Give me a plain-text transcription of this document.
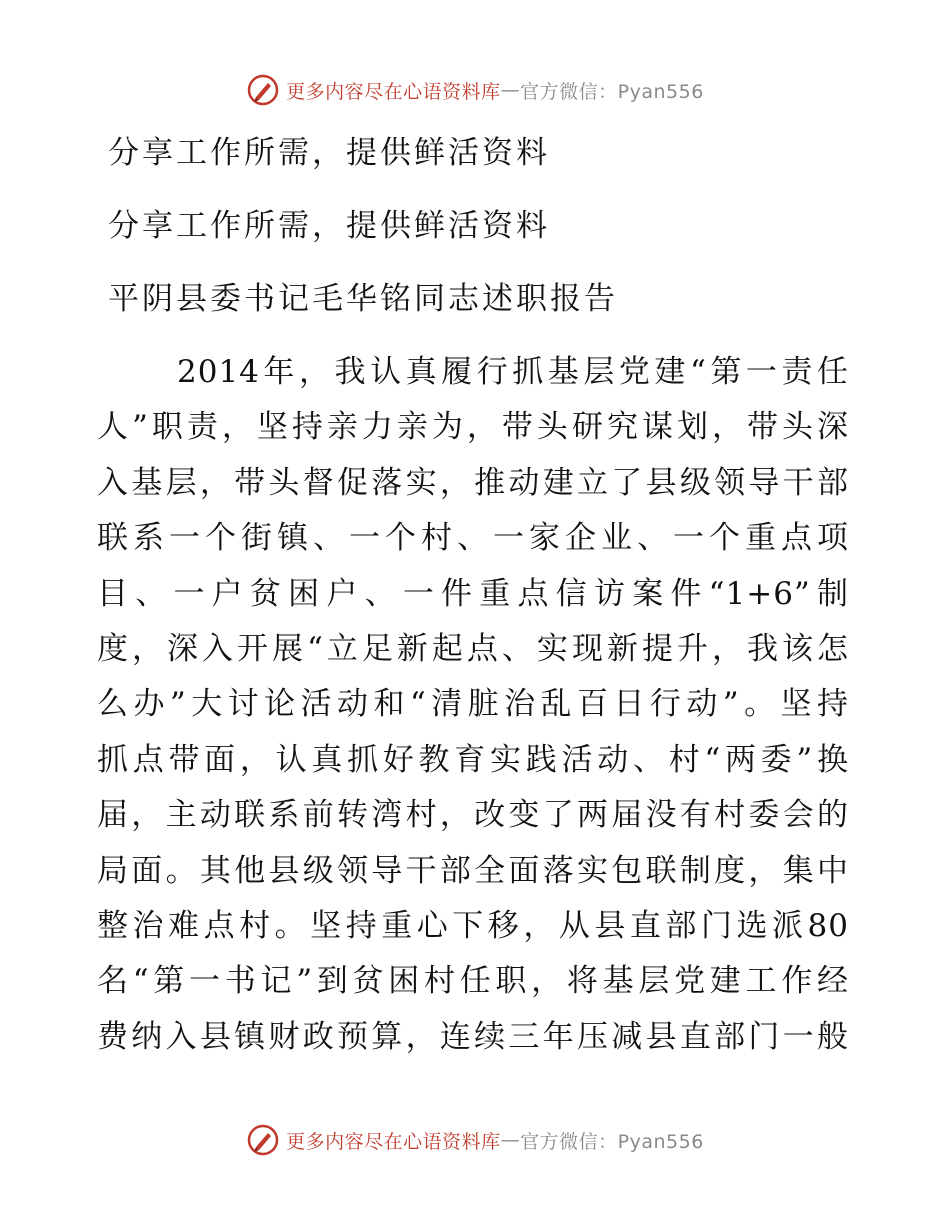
更多内容尽在心语资料库 — 官方微信：Pyan556
分享工作所需，提供鲜活资料
分享工作所需，提供鲜活资料
平阴县委书记毛华铭同志述职报告
2014年，我认真履行抓基层党建“第一责任
人”职责，坚持亲力亲为，带头研究谋划，带头深
入基层，带头督促落实，推动建立了县级领导干部
联系一个街镇、一个村、一家企业、一个重点项
目、一户贫困户、一件重点信访案件“1+6”制
度，深入开展“立足新起点、实现新提升，我该怎
么办”大讨论活动和“清脏治乱百日行动”。坚持
抓点带面，认真抓好教育实践活动、村“两委”换
届，主动联系前转湾村，改变了两届没有村委会的
局面。其他县级领导干部全面落实包联制度，集中
整治难点村。坚持重心下移，从县直部门选派80
名“第一书记”到贫困村任职，将基层党建工作经
费纳入县镇财政预算，连续三年压减县直部门一般
更多内容尽在心语资料库 — 官方微信：Pyan556
